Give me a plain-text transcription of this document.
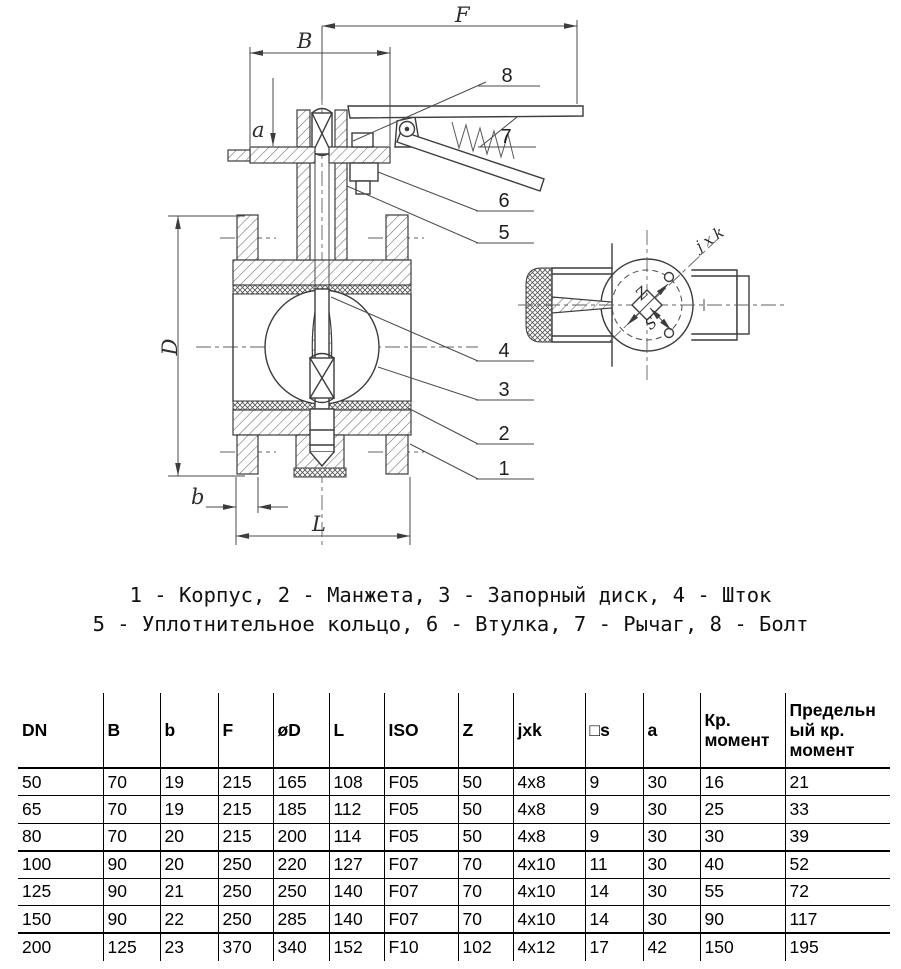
F
B
a
D
b
L
8
7
6
5
4
3
2
1
Z
S
jxk
1 - Корпус, 2 - Манжета, 3 - Запорный диск, 4 - Шток
5 - Уплотнительное кольцо, 6 - Втулка, 7 - Рычаг, 8 - Болт
DN	B	b	F	øD	L	ISO	Z	jxk	□s	a	Кр. момент	Предельный кр. момент
50	70	19	215	165	108	F05	50	4x8	9	30	16	21
65	70	19	215	185	112	F05	50	4x8	9	30	25	33
80	70	20	215	200	114	F05	50	4x8	9	30	30	39
100	90	20	250	220	127	F07	70	4x10	11	30	40	52
125	90	21	250	250	140	F07	70	4x10	14	30	55	72
150	90	22	250	285	140	F07	70	4x10	14	30	90	117
200	125	23	370	340	152	F10	102	4x12	17	42	150	195
